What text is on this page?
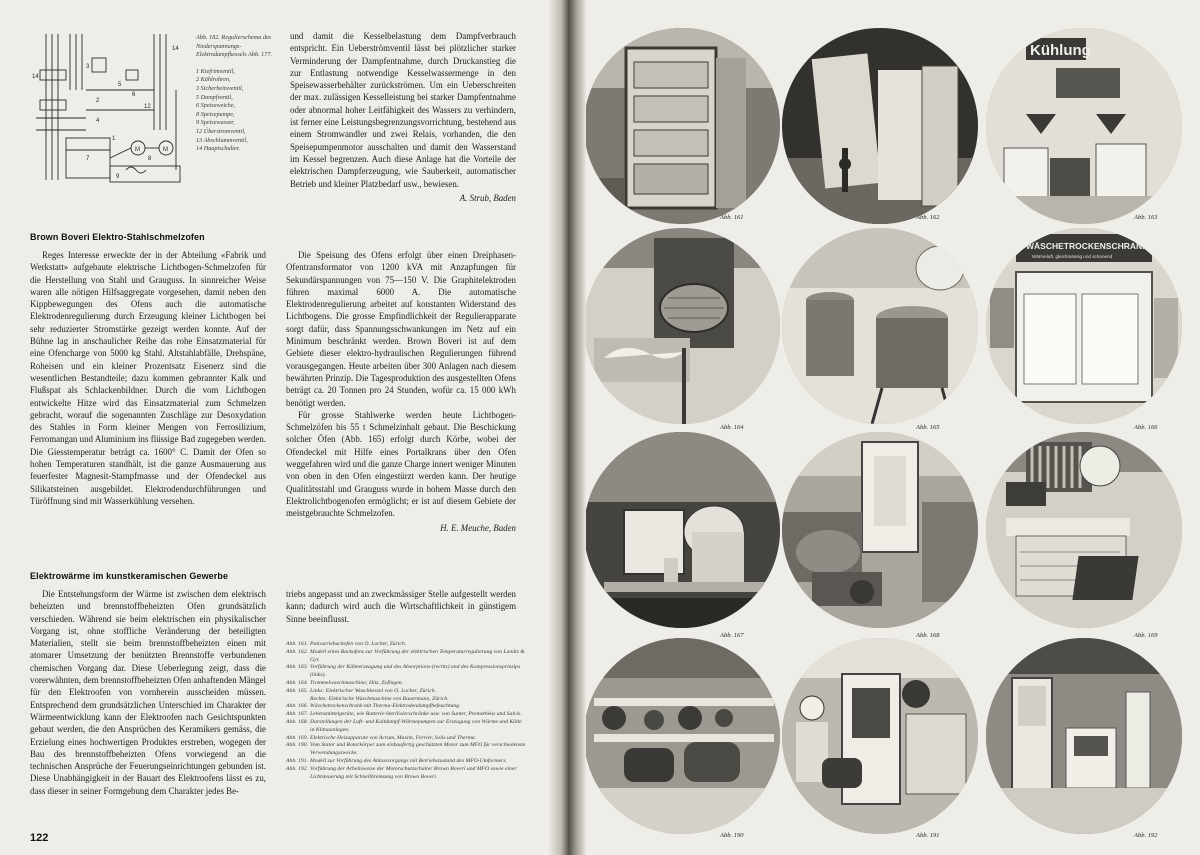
14
14
1
3
5
6
8
7
9
12
M	M
2
4
Abb. 182. Regulierschema des Niederspannungs-Elektrodampfkessels Abb. 177.
1 Kiefrimventil,
2 Kühlrohren,
3 Sicherheitsventil,
5 Dampfventil,
6 Speiseweiche,
8 Speisepumpe,
9 Speisewasser,
12 Überstromventil,
13 Abschlammventil,
14 Hauptschalter.

und damit die Kesselbelastung dem Dampfverbrauch entspricht. Ein Ueberströmventil lässt bei plötzlicher starker Verminderung der Dampfentnahme, durch Druckanstieg die zur Entlastung notwendige Kesselwassermenge in den Speisewasserbehälter zurückströmen. Um ein Ueberschreiten der max. zulässigen Kesselleistung bei starker Dampfentnahme oder abnormal hoher Leitfähigkeit des Wassers zu verhindern, ist ferner eine Leistungsbegrenzungsvorrichtung, bestehend aus einem Stromwandler und zwei Relais, vorhanden, die den Speisepumpenmotor ausschalten und damit den Wasserstand im Kessel begrenzen. Auch diese Anlage hat die Vorteile der elektrischen Dampferzeugung, wie Sauberkeit, automatischer Betrieb und kleiner Platzbedarf usw., bewiesen.

A. Strub, Baden
Brown Boveri Elektro-Stahlschmelzofen

Reges Interesse erweckte der in der Abteilung «Fabrik und Werkstatt» aufgebaute elektrische Lichtbogen-Schmelzofen für die Herstellung von Stahl und Grauguss. In sinnreicher Weise waren alle nötigen Hilfsaggregate vorgesehen, damit neben den Kippbewegungen des Ofens auch die automatische Elektrodenregulierung durch Erzeugung kleiner Lichtbogen bei sehr reduzierter Stromstärke gezeigt werden konnte. Auf der Bühne lag in anschaulicher Reihe das rohe Einsatzmaterial für eine Ofencharge von 5000 kg Stahl. Altstahlabfälle, Drehspäne, Roheisen und ein kleiner Prozentsatz Eisenerz sind die wesentlichen Bestandteile; dazu kommen gebrannter Kalk und Flußspat als Schlackenbildner. Durch die vom Lichtbogen entwickelte Hitze wird das Einsatzmaterial zum Schmelzen gebracht, worauf die sogenannten Zuschläge zur Desoxydation des Stahles in Form kleiner Mengen von Ferrosilizium, Ferromangan und Aluminium ins flüssige Bad zugegeben werden. Die Giesstemperatur beträgt ca. 1600° C. Damit der Ofen so hohen Temperaturen standhält, ist die ganze Ausmauerung aus feuerfester Magnesit-Stampfmasse und der Ofendeckel aus Silikatsteinen ausgebildet. Elektrodendurchführungen und Türöffnung sind mit Wasserkühlung versehen.

Die Speisung des Ofens erfolgt über einen Dreiphasen-Ofentransformator von 1200 kVA mit Anzapfungen für Sekundärspannungen von 75—150 V. Die Graphitelektroden führen maximal 6000 A. Die automatische Elektrodenregulierung arbeitet auf konstanten Widerstand des Lichtbogens. Die grosse Empfindlichkeit der Regulierapparate sorgt dafür, dass Spannungsschwankungen im Netz auf ein Minimum beschränkt werden. Brown Boveri ist auf dem Gebiete dieser elektro-hydraulischen Regulierungen führend vorausgegangen. Heute arbeiten über 300 Anlagen nach diesem bewährten Prinzip. Die Tagesproduktion des ausgestellten Ofens beträgt ca. 20 Tonnen pro 24 Stunden, wofür ca. 15 000 kWh benötigt werden.

Für grosse Stahlwerke werden heute Lichtbogen-Schmelzöfen bis 55 t Schmelzinhalt gebaut. Die Beschickung solcher Öfen (Abb. 165) erfolgt durch Körbe, wobei der Ofendeckel mit Hilfe eines Portalkrans über den Ofen weggefahren wird und die ganze Charge innert weniger Minuten von oben in den Ofen eingestürzt werden kann. Der heutige Qualitätsstahl und Grauguss wurde in hohem Masse durch den Elektrolichtbogenofen ermöglicht; er ist auf diesem Gebiete der meistgebrauchte Schmelzofen.

H. E. Meuche, Baden
Elektrowärme im kunstkeramischen Gewerbe

Die Entstehungsform der Wärme ist zwischen dem elektrisch beheizten und brennstoffbeheizten Ofen grundsätzlich verschieden. Während sie beim elektrischen ein physikalischer Vorgang ist, ohne stoffliche Veränderung der beteiligten Materialien, stellt sie beim brennstoffbeheizten einen mit atomarer Umsetzung der benützten Brennstoffe verbundenen chemischen Vorgang dar. Diese Ueberlegung zeigt, dass die vorerwähnten, dem brennstoffbeheizten Ofen anhaftenden Mängel für den Elektroofen von vornherein ausscheiden müssen. Entsprechend dem grundsätzlichen Unterschied im Charakter der Wärmeentwicklung kann der Elektroofen nach Gesichtspunkten gebaut werden, die den Ansprüchen des Keramikers gemäss, die Erzielung eines hochwertigen Produktes erstreben, wogegen der Bau des brennstoffbeheizten Ofens vorwiegend an die technischen Ansprüche der Feuerungseinrichtungen gebunden ist. Diese Unabhängigkeit in der Bauart des Elektroofens lässt es zu, dass dieser in seiner Formgebung dem Charakter jedes Be-

triebs angepasst und an zweckmässiger Stelle aufgestellt werden kann; dadurch wird auch die Wirtschaftlichkeit in günstigem Sinne beeinflusst.

Abb. 161. Patisseriebackofen von O. Locher, Zürich.
Abb. 162. Modell eines Backofens zur Vorführung der elektrischen Temperaturregulierung von Landis & Gyr.
Abb. 163. Vorführung der Kälteerzeugung und des Absorptions-(rechts) und des Kompressionsprinzips (links).
Abb. 164. Trommelwaschmaschine; Hitz, Zofingen.
Abb. 165. Links: Elektrischer Waschkessel von O. Locher, Zürich.
Rechts: Elektrische Waschmaschine von Bauermann, Zürich.
Abb. 166. Wäschetrockenschrank mit Therma-Elektrodendampfbefeuchtung.
Abb. 167. Lebensmittelgeräte, wie Batterie-Sterilisierschränke usw. von Sunter, Promethéus und Salvis.
Abb. 168. Darstellungen der Luft- und Kaltdampf-Wärmepumpen zur Erzeugung von Wärme und Kälte in Klimaanlagen.
Abb. 169. Elektrische Heizapparate von Acrum, Maxim, Ferrier, Solis und Therma.
Abb. 190. Vom Stator und Rotorkörper zum einbaufertig geschützten Motor zum MFO für verschiedenste Verwendungszwecke.
Abb. 191. Modell zur Vorführung des Anlassvorgangs mit Betriebszustand des MFO-Umformers.
Abb. 192. Vorführung der Arbeitsweise der Motorschutzschalter Brown Boveri und MFO sowie einer Lichtsteuerung mit Schnellbremsung von Brown Boveri.
122
Abb. 161	Abb. 162
Kühlung
Abb. 163
Abb. 164	Abb. 165
WÄSCHETROCKENSCHRANK
Wärmeluft, gleichmässig und schonend
Abb. 166
Abb. 167	Abb. 168	Abb. 169
Abb. 190	Abb. 191	Abb. 192
